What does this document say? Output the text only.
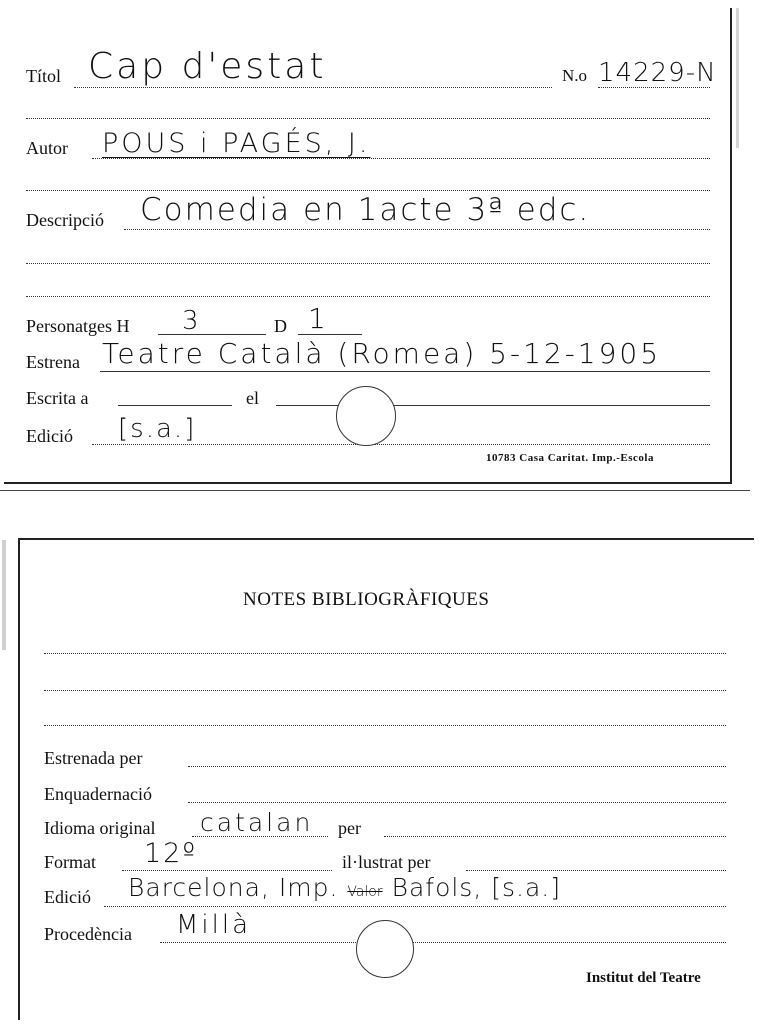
Títol Cap d'estat	N.o 14229-N
Autor POUS i PAGÉS, J.
Descripció Comedia en 1acte 3ª edc.
Personatges H 3	D 1
Estrena Teatre Català (Romea) 5-12-1905
Escrita a	el
Edició [s.a.]
10783 Casa Caritat. Imp.-Escola
NOTES BIBLIOGRÀFIQUES
Estrenada per
Enquadernació
Idioma original catalan per
Format 12º	il·lustrat per
Edició Barcelona, Imp. Valor Bafols, [s.a.]
Procedència Millà
Institut del Teatre
